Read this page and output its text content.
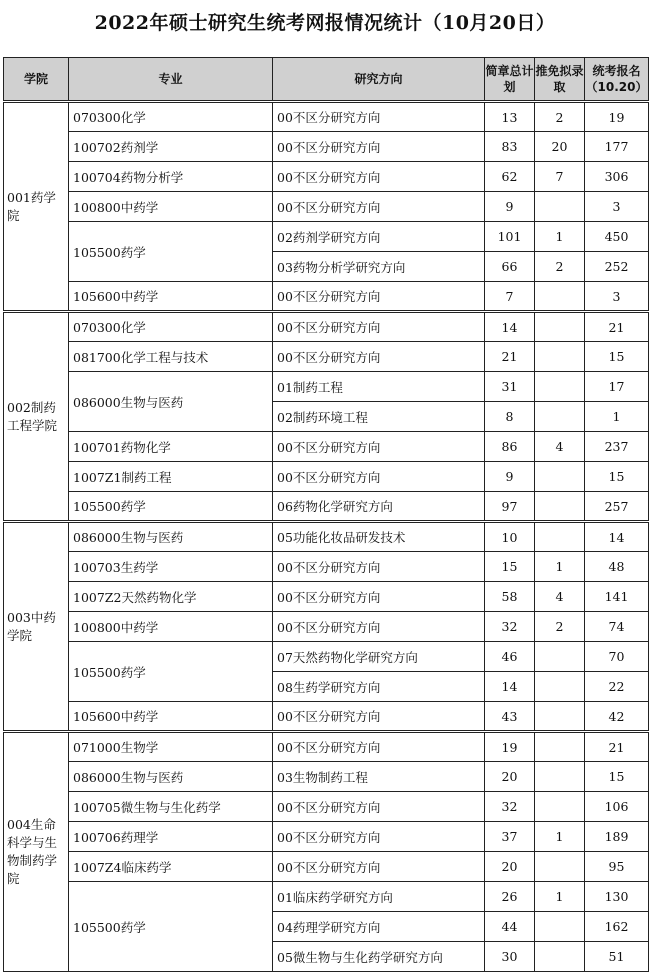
2022年硕士研究生统考网报情况统计（10月20日）
学院	专业	研究方向	简章总计划	推免拟录取	统考报名（10.20）
001药学院	070300化学	00不区分研究方向	13	2	19
	100702药剂学	00不区分研究方向	83	20	177
	100704药物分析学	00不区分研究方向	62	7	306
	100800中药学	00不区分研究方向	9		3
	105500药学	02药剂学研究方向	101	1	450
		03药物分析学研究方向	66	2	252
	105600中药学	00不区分研究方向	7		3
002制药工程学院	070300化学	00不区分研究方向	14		21
	081700化学工程与技术	00不区分研究方向	21		15
	086000生物与医药	01制药工程	31		17
		02制药环境工程	8		1
	100701药物化学	00不区分研究方向	86	4	237
	1007Z1制药工程	00不区分研究方向	9		15
	105500药学	06药物化学研究方向	97		257
003中药学院	086000生物与医药	05功能化妆品研发技术	10		14
	100703生药学	00不区分研究方向	15	1	48
	1007Z2天然药物化学	00不区分研究方向	58	4	141
	100800中药学	00不区分研究方向	32	2	74
	105500药学	07天然药物化学研究方向	46		70
		08生药学研究方向	14		22
	105600中药学	00不区分研究方向	43		42
004生命科学与生物制药学院	071000生物学	00不区分研究方向	19		21
	086000生物与医药	03生物制药工程	20		15
	100705微生物与生化药学	00不区分研究方向	32		106
	100706药理学	00不区分研究方向	37	1	189
	1007Z4临床药学	00不区分研究方向	20		95
	105500药学	01临床药学研究方向	26	1	130
		04药理学研究方向	44		162
		05微生物与生化药学研究方向	30		51
